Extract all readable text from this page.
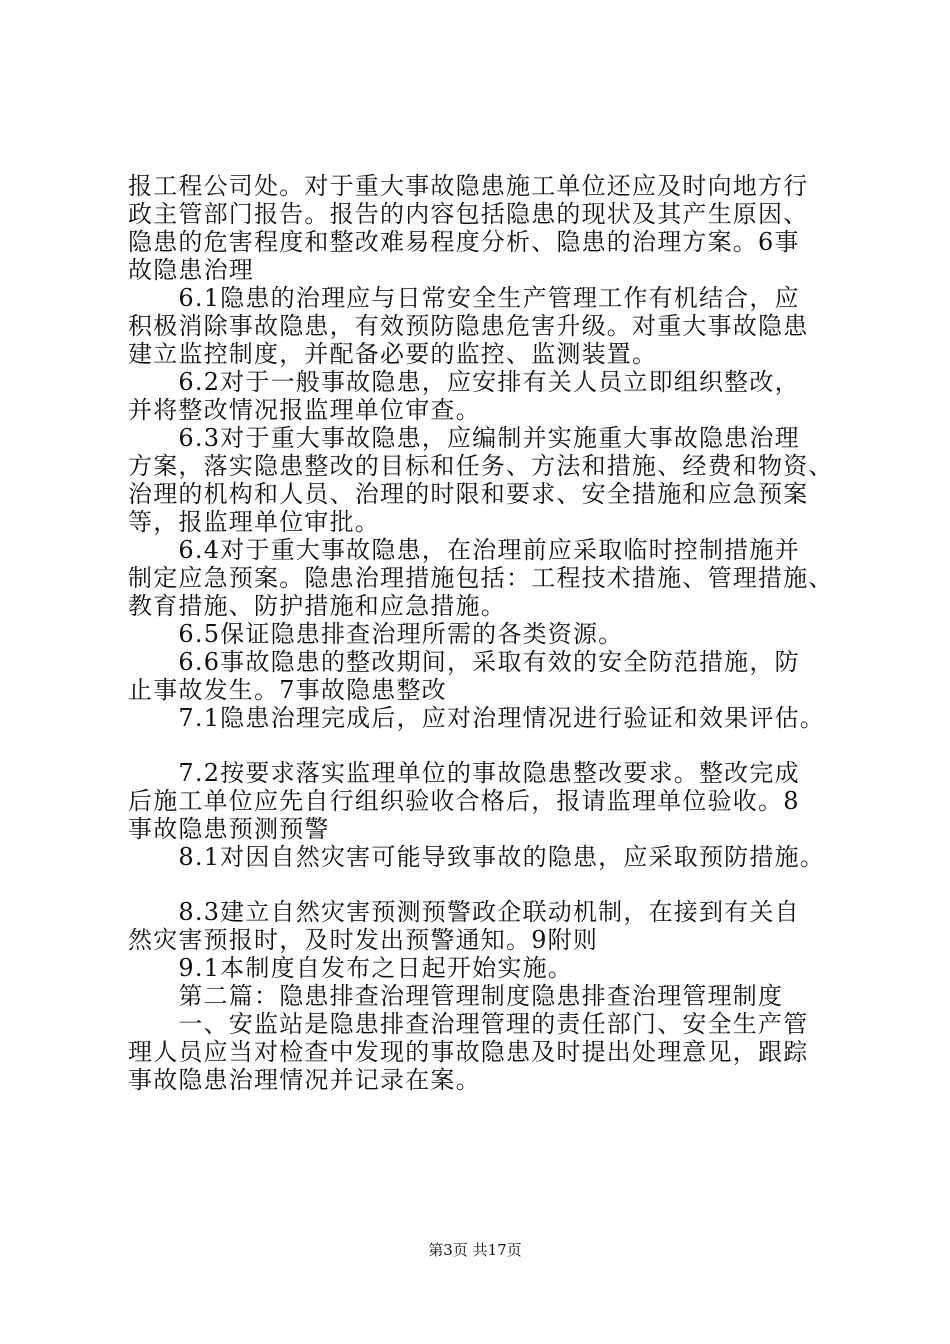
报工程公司处。对于重大事故隐患施工单位还应及时向地方行
政主管部门报告。报告的内容包括隐患的现状及其产生原因、
隐患的危害程度和整改难易程度分析、隐患的治理方案。6事
故隐患治理
　　6.1隐患的治理应与日常安全生产管理工作有机结合，应
积极消除事故隐患，有效预防隐患危害升级。对重大事故隐患
建立监控制度，并配备必要的监控、监测装置。
　　6.2对于一般事故隐患，应安排有关人员立即组织整改，
并将整改情况报监理单位审查。
　　6.3对于重大事故隐患，应编制并实施重大事故隐患治理
方案，落实隐患整改的目标和任务、方法和措施、经费和物资、
治理的机构和人员、治理的时限和要求、安全措施和应急预案
等，报监理单位审批。
　　6.4对于重大事故隐患，在治理前应采取临时控制措施并
制定应急预案。隐患治理措施包括：工程技术措施、管理措施、
教育措施、防护措施和应急措施。
　　6.5保证隐患排查治理所需的各类资源。
　　6.6事故隐患的整改期间，采取有效的安全防范措施，防
止事故发生。7事故隐患整改
　　7.1隐患治理完成后，应对治理情况进行验证和效果评估。
　　7.2按要求落实监理单位的事故隐患整改要求。整改完成
后施工单位应先自行组织验收合格后，报请监理单位验收。8
事故隐患预测预警
　　8.1对因自然灾害可能导致事故的隐患，应采取预防措施。
　　8.3建立自然灾害预测预警政企联动机制，在接到有关自
然灾害预报时，及时发出预警通知。9附则
　　9.1本制度自发布之日起开始实施。
　　第二篇：隐患排查治理管理制度隐患排查治理管理制度
　　一、安监站是隐患排查治理管理的责任部门、安全生产管
理人员应当对检查中发现的事故隐患及时提出处理意见，跟踪
事故隐患治理情况并记录在案。
第3页 共17页
